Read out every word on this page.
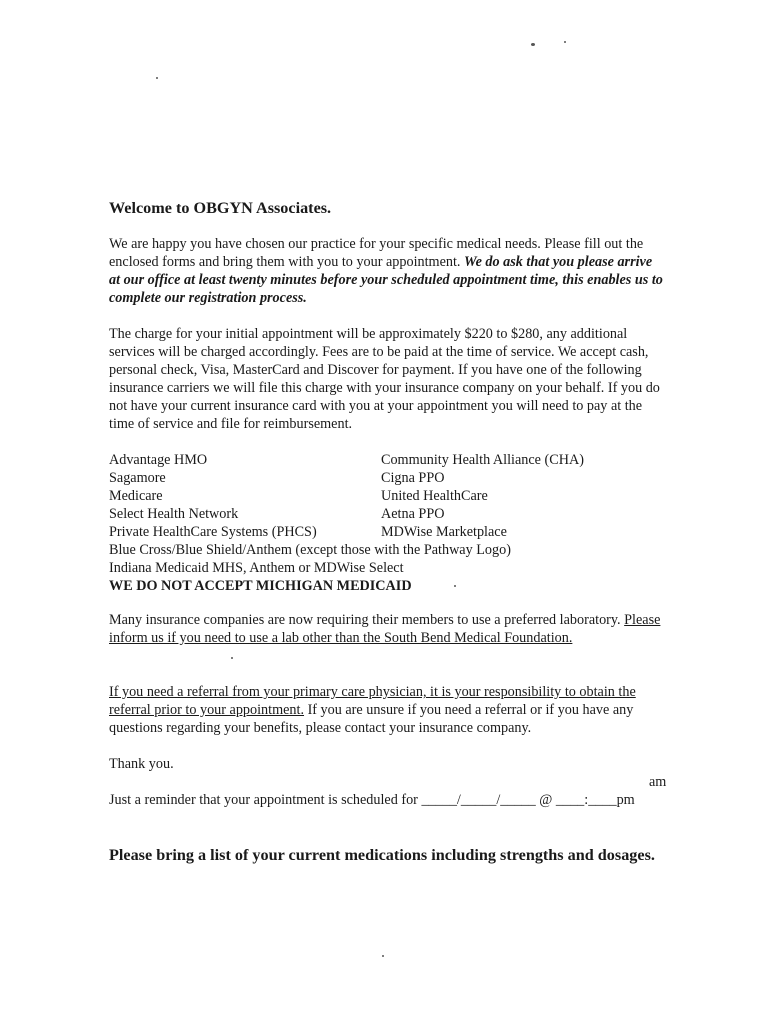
Welcome to OBGYN Associates.

We are happy you have chosen our practice for your specific medical needs. Please fill out the enclosed forms and bring them with you to your appointment. We do ask that you please arrive at our office at least twenty minutes before your scheduled appointment time, this enables us to complete our registration process.

The charge for your initial appointment will be approximately $220 to $280, any additional services will be charged accordingly. Fees are to be paid at the time of service. We accept cash, personal check, Visa, MasterCard and Discover for payment. If you have one of the following insurance carriers we will file this charge with your insurance company on your behalf. If you do not have your current insurance card with you at your appointment you will need to pay at the time of service and file for reimbursement.

Advantage HMO	Community Health Alliance (CHA)
Sagamore	Cigna PPO
Medicare	United HealthCare
Select Health Network	Aetna PPO
Private HealthCare Systems (PHCS)	MDWise Marketplace
Blue Cross/Blue Shield/Anthem (except those with the Pathway Logo)
Indiana Medicaid MHS, Anthem or MDWise Select
WE DO NOT ACCEPT MICHIGAN MEDICAID

Many insurance companies are now requiring their members to use a preferred laboratory. Please inform us if you need to use a lab other than the South Bend Medical Foundation.

If you need a referral from your primary care physician, it is your responsibility to obtain the referral prior to your appointment. If you are unsure if you need a referral or if you have any questions regarding your benefits, please contact your insurance company.

Thank you.
am
Just a reminder that your appointment is scheduled for _____/_____/_____ @ ____:____pm
Please bring a list of your current medications including strengths and dosages.
